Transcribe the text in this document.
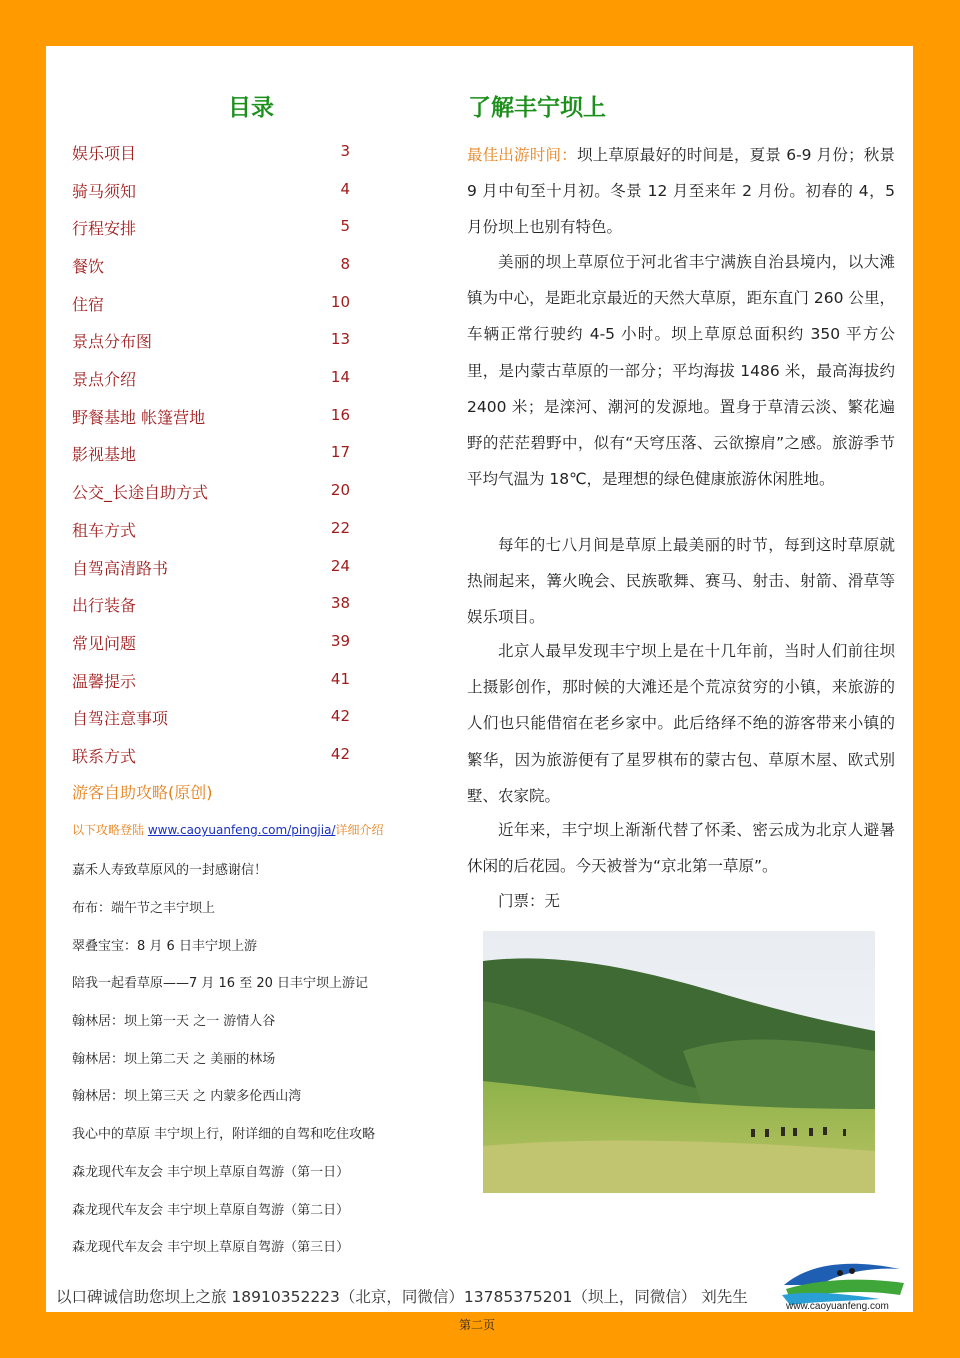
目录	了解丰宁坝上
娱乐项目	3
骑马须知	4
行程安排	5
餐饮	8
住宿	10
景点分布图	13
景点介绍	14
野餐基地 帐篷营地	16
影视基地	17
公交_长途自助方式	20
租车方式	22
自驾高清路书	24
出行装备	38
常见问题	39
温馨提示	41
自驾注意事项	42
联系方式	42
游客自助攻略(原创)
以下攻略登陆 www.caoyuanfeng.com/pingjia/详细介绍
嘉禾人寿致草原风的一封感谢信！
布布：端午节之丰宁坝上
翠叠宝宝：8 月 6 日丰宁坝上游
陪我一起看草原——7 月 16 至 20 日丰宁坝上游记
翰林居：坝上第一天 之一 游情人谷
翰林居：坝上第二天 之 美丽的林场
翰林居：坝上第三天 之 内蒙多伦西山湾
我心中的草原 丰宁坝上行，附详细的自驾和吃住攻略
森龙现代车友会 丰宁坝上草原自驾游（第一日）
森龙现代车友会 丰宁坝上草原自驾游（第二日）
森龙现代车友会 丰宁坝上草原自驾游（第三日）

最佳出游时间：坝上草原最好的时间是，夏景 6-9 月份；秋景 9 月中旬至十月初。冬景 12 月至来年 2 月份。初春的 4，5 月份坝上也别有特色。

美丽的坝上草原位于河北省丰宁满族自治县境内，以大滩镇为中心，是距北京最近的天然大草原，距东直门 260 公里，车辆正常行驶约 4-5 小时。坝上草原总面积约 350 平方公里，是内蒙古草原的一部分；平均海拔 1486 米，最高海拔约 2400 米；是滦河、潮河的发源地。置身于草清云淡、繁花遍野的茫茫碧野中，似有“天穹压落、云欲擦肩”之感。旅游季节平均气温为 18℃，是理想的绿色健康旅游休闲胜地。

每年的七八月间是草原上最美丽的时节，每到这时草原就热闹起来，篝火晚会、民族歌舞、赛马、射击、射箭、滑草等娱乐项目。

北京人最早发现丰宁坝上是在十几年前，当时人们前往坝上摄影创作，那时候的大滩还是个荒凉贫穷的小镇，来旅游的人们也只能借宿在老乡家中。此后络绎不绝的游客带来小镇的繁华，因为旅游便有了星罗棋布的蒙古包、草原木屋、欧式别墅、农家院。

近年来，丰宁坝上渐渐代替了怀柔、密云成为北京人避暑休闲的后花园。今天被誉为“京北第一草原”。

门票：无

以口碑诚信助您坝上之旅 18910352223（北京，同微信）13785375201（坝上，同微信） 刘先生
www.caoyuanfeng.com
第二页
